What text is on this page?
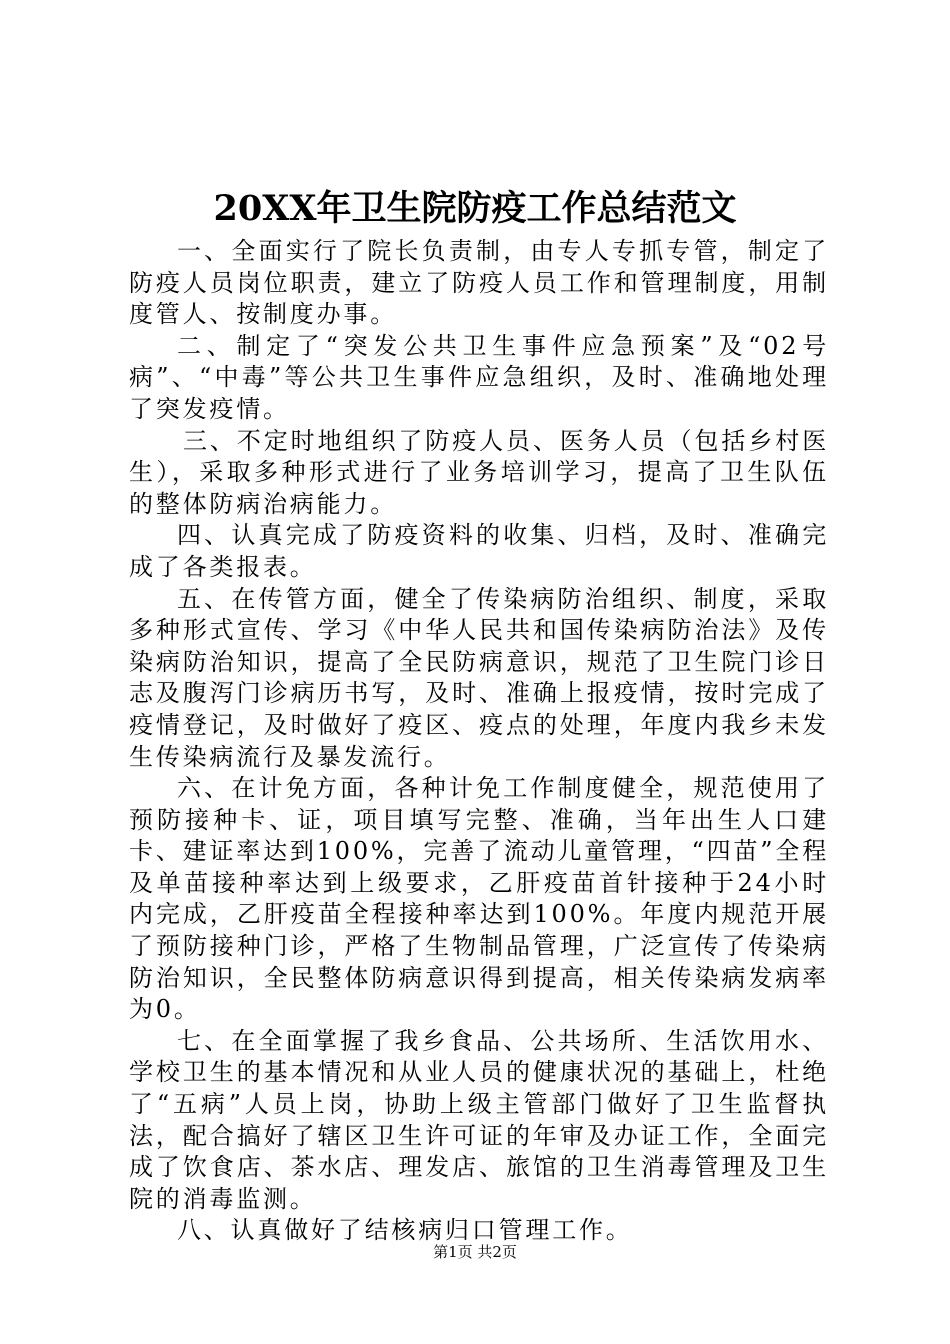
20XX年卫生院防疫工作总结范文

一、全面实行了院长负责制，由专人专抓专管，制定了防疫人员岗位职责，建立了防疫人员工作和管理制度，用制度管人、按制度办事。

二、制定了“突发公共卫生事件应急预案”及“02号病”、“中毒”等公共卫生事件应急组织，及时、准确地处理了突发疫情。

三、不定时地组织了防疫人员、医务人员（包括乡村医生），采取多种形式进行了业务培训学习，提高了卫生队伍的整体防病治病能力。

四、认真完成了防疫资料的收集、归档，及时、准确完成了各类报表。

五、在传管方面，健全了传染病防治组织、制度，采取多种形式宣传、学习《中华人民共和国传染病防治法》及传染病防治知识，提高了全民防病意识，规范了卫生院门诊日志及腹泻门诊病历书写，及时、准确上报疫情，按时完成了疫情登记，及时做好了疫区、疫点的处理，年度内我乡未发生传染病流行及暴发流行。

六、在计免方面，各种计免工作制度健全，规范使用了预防接种卡、证，项目填写完整、准确，当年出生人口建卡、建证率达到100%，完善了流动儿童管理，“四苗”全程及单苗接种率达到上级要求，乙肝疫苗首针接种于24小时内完成，乙肝疫苗全程接种率达到100%。年度内规范开展了预防接种门诊，严格了生物制品管理，广泛宣传了传染病防治知识，全民整体防病意识得到提高，相关传染病发病率为0。

七、在全面掌握了我乡食品、公共场所、生活饮用水、学校卫生的基本情况和从业人员的健康状况的基础上，杜绝了“五病”人员上岗，协助上级主管部门做好了卫生监督执法，配合搞好了辖区卫生许可证的年审及办证工作，全面完成了饮食店、茶水店、理发店、旅馆的卫生消毒管理及卫生院的消毒监测。

八、认真做好了结核病归口管理工作。

第1页 共2页
